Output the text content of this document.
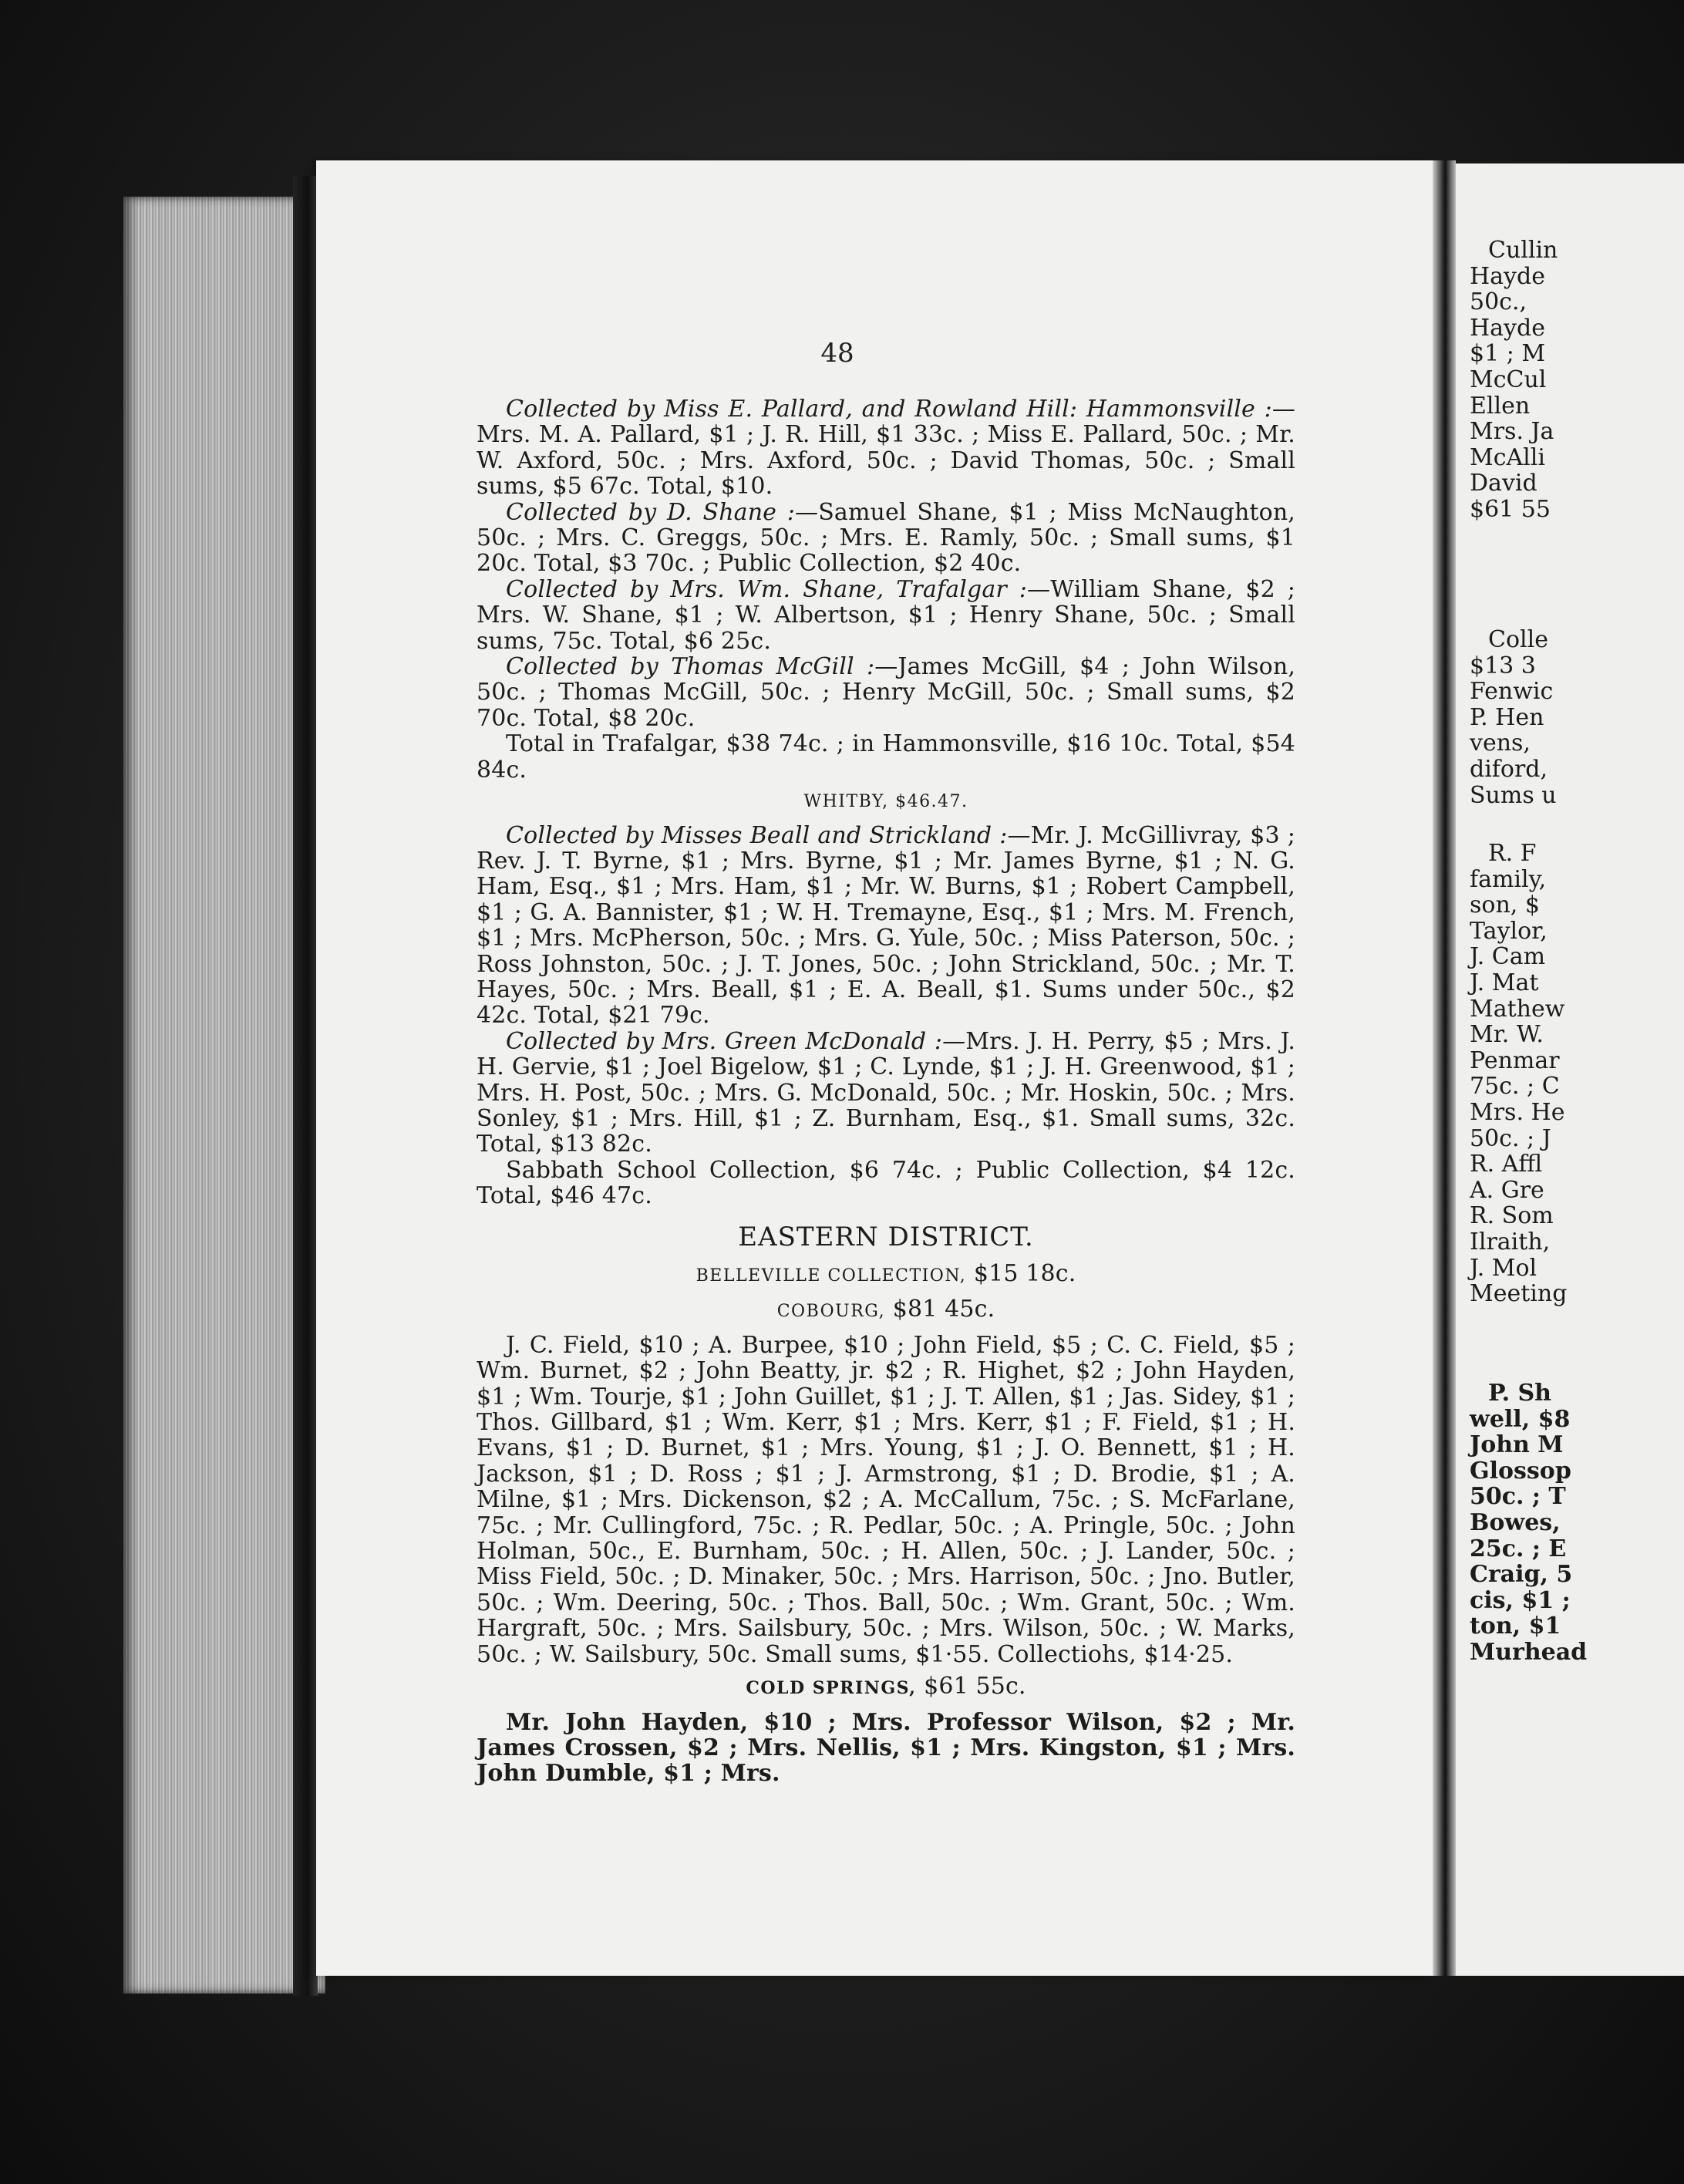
Cullin
Hayde
50c.,
Hayde
$1 ; M
McCul
Ellen
Mrs. Ja
McAlli
David
$61 55
Colle
$13 3
Fenwic
P. Hen
vens,
diford,
Sums u
R. F
family,
son, $
Taylor,
J. Cam
J. Mat
Mathew
Mr. W.
Penmar
75c. ; C
Mrs. He
50c. ; J
R. Affl
A. Gre
R. Som
Ilraith,
J. Mol
Meeting
P. Sh
well, $8
John M
Glossop
50c. ; T
Bowes,
25c. ; E
Craig, 5
cis, $1 ;
ton, $1
Murhead
48

Collected by Miss E. Pallard, and Rowland Hill: Hammonsville :—Mrs. M. A. Pallard, $1 ; J. R. Hill, $1 33c. ; Miss E. Pallard, 50c. ; Mr. W. Axford, 50c. ; Mrs. Axford, 50c. ; David Thomas, 50c. ; Small sums, $5 67c. Total, $10.

Collected by D. Shane :—Samuel Shane, $1 ; Miss McNaughton, 50c. ; Mrs. C. Greggs, 50c. ; Mrs. E. Ramly, 50c. ; Small sums, $1 20c. Total, $3 70c. ; Public Collection, $2 40c.

Collected by Mrs. Wm. Shane, Trafalgar :—William Shane, $2 ; Mrs. W. Shane, $1 ; W. Albertson, $1 ; Henry Shane, 50c. ; Small sums, 75c. Total, $6 25c.

Collected by Thomas McGill :—James McGill, $4 ; John Wilson, 50c. ; Thomas McGill, 50c. ; Henry McGill, 50c. ; Small sums, $2 70c. Total, $8 20c.

Total in Trafalgar, $38 74c. ; in Hammonsville, $16 10c. Total, $54 84c.

WHITBY, $46.47.

Collected by Misses Beall and Strickland :—Mr. J. McGillivray, $3 ; Rev. J. T. Byrne, $1 ; Mrs. Byrne, $1 ; Mr. James Byrne, $1 ; N. G. Ham, Esq., $1 ; Mrs. Ham, $1 ; Mr. W. Burns, $1 ; Robert Campbell, $1 ; G. A. Bannister, $1 ; W. H. Tremayne, Esq., $1 ; Mrs. M. French, $1 ; Mrs. McPherson, 50c. ; Mrs. G. Yule, 50c. ; Miss Paterson, 50c. ; Ross Johnston, 50c. ; J. T. Jones, 50c. ; John Strickland, 50c. ; Mr. T. Hayes, 50c. ; Mrs. Beall, $1 ; E. A. Beall, $1. Sums under 50c., $2 42c. Total, $21 79c.

Collected by Mrs. Green McDonald :—Mrs. J. H. Perry, $5 ; Mrs. J. H. Gervie, $1 ; Joel Bigelow, $1 ; C. Lynde, $1 ; J. H. Greenwood, $1 ; Mrs. H. Post, 50c. ; Mrs. G. McDonald, 50c. ; Mr. Hoskin, 50c. ; Mrs. Sonley, $1 ; Mrs. Hill, $1 ; Z. Burnham, Esq., $1. Small sums, 32c. Total, $13 82c.

Sabbath School Collection, $6 74c. ; Public Collection, $4 12c. Total, $46 47c.

EASTERN DISTRICT.

BELLEVILLE COLLECTION, $15 18c.

COBOURG, $81 45c.

J. C. Field, $10 ; A. Burpee, $10 ; John Field, $5 ; C. C. Field, $5 ; Wm. Burnet, $2 ; John Beatty, jr. $2 ; R. Highet, $2 ; John Hayden, $1 ; Wm. Tourje, $1 ; John Guillet, $1 ; J. T. Allen, $1 ; Jas. Sidey, $1 ; Thos. Gillbard, $1 ; Wm. Kerr, $1 ; Mrs. Kerr, $1 ; F. Field, $1 ; H. Evans, $1 ; D. Burnet, $1 ; Mrs. Young, $1 ; J. O. Bennett, $1 ; H. Jackson, $1 ; D. Ross ; $1 ; J. Armstrong, $1 ; D. Brodie, $1 ; A. Milne, $1 ; Mrs. Dickenson, $2 ; A. McCallum, 75c. ; S. McFarlane, 75c. ; Mr. Cullingford, 75c. ; R. Pedlar, 50c. ; A. Pringle, 50c. ; John Holman, 50c., E. Burnham, 50c. ; H. Allen, 50c. ; J. Lander, 50c. ; Miss Field, 50c. ; D. Minaker, 50c. ; Mrs. Harrison, 50c. ; Jno. Butler, 50c. ; Wm. Deering, 50c. ; Thos. Ball, 50c. ; Wm. Grant, 50c. ; Wm. Hargraft, 50c. ; Mrs. Sailsbury, 50c. ; Mrs. Wilson, 50c. ; W. Marks, 50c. ; W. Sailsbury, 50c. Small sums, $1·55. Collectiohs, $14·25.

COLD SPRINGS, $61 55c.

Mr. John Hayden, $10 ; Mrs. Professor Wilson, $2 ; Mr. James Crossen, $2 ; Mrs. Nellis, $1 ; Mrs. Kingston, $1 ; Mrs. John Dumble, $1 ; Mrs.
